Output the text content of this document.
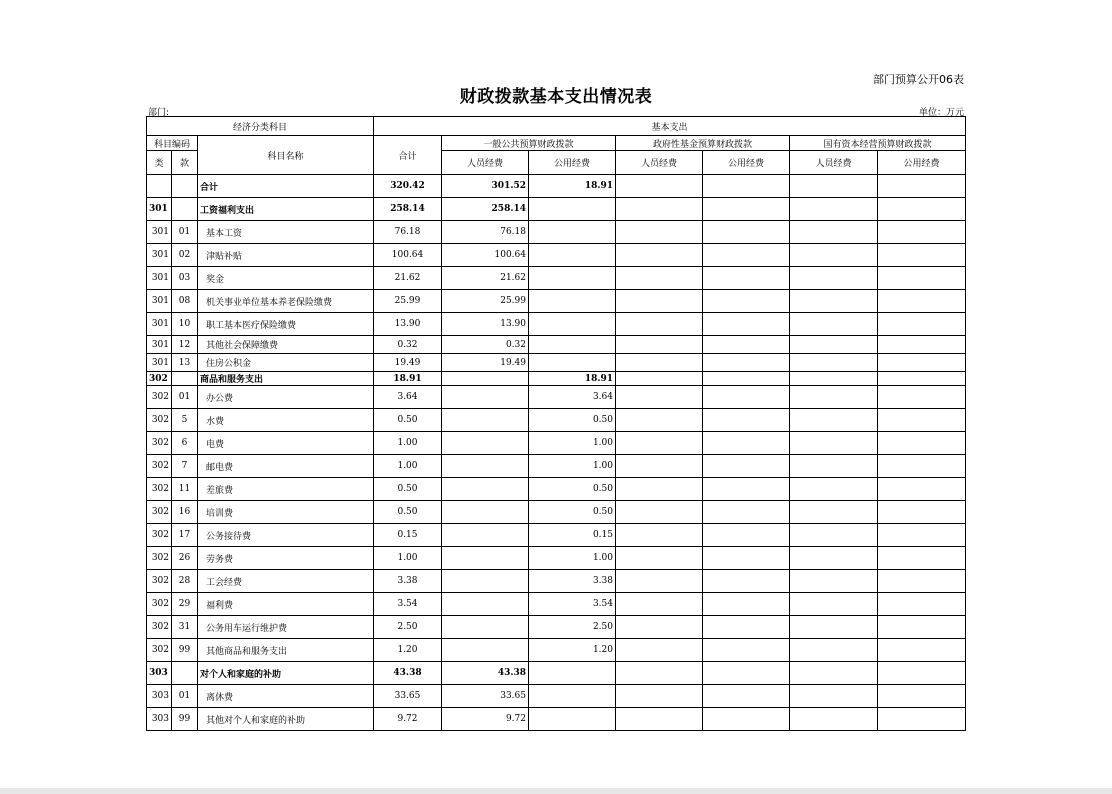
部门预算公开06表
财政拨款基本支出情况表
部门:	单位：万元
经济分类科目			基本支出						
科目编码		科目名称	合计	一般公共预算财政拨款		政府性基金预算财政拨款		国有资本经营预算财政拨款	
类	款			人员经费	公用经费	人员经费	公用经费	人员经费	公用经费
		合计	320.42	301.52	18.91				
301		工资福利支出	258.14	258.14					
301	01	基本工资	76.18	76.18					
301	02	津贴补贴	100.64	100.64					
301	03	奖金	21.62	21.62					
301	08	机关事业单位基本养老保险缴费	25.99	25.99					
301	10	职工基本医疗保险缴费	13.90	13.90					
301	12	其他社会保障缴费	0.32	0.32					
301	13	住房公积金	19.49	19.49					
302		商品和服务支出	18.91		18.91				
302	01	办公费	3.64		3.64				
302	5	水费	0.50		0.50				
302	6	电费	1.00		1.00				
302	7	邮电费	1.00		1.00				
302	11	差旅费	0.50		0.50				
302	16	培训费	0.50		0.50				
302	17	公务接待费	0.15		0.15				
302	26	劳务费	1.00		1.00				
302	28	工会经费	3.38		3.38				
302	29	福利费	3.54		3.54				
302	31	公务用车运行维护费	2.50		2.50				
302	99	其他商品和服务支出	1.20		1.20				
303		对个人和家庭的补助	43.38	43.38					
303	01	离休费	33.65	33.65					
303	99	其他对个人和家庭的补助	9.72	9.72					
